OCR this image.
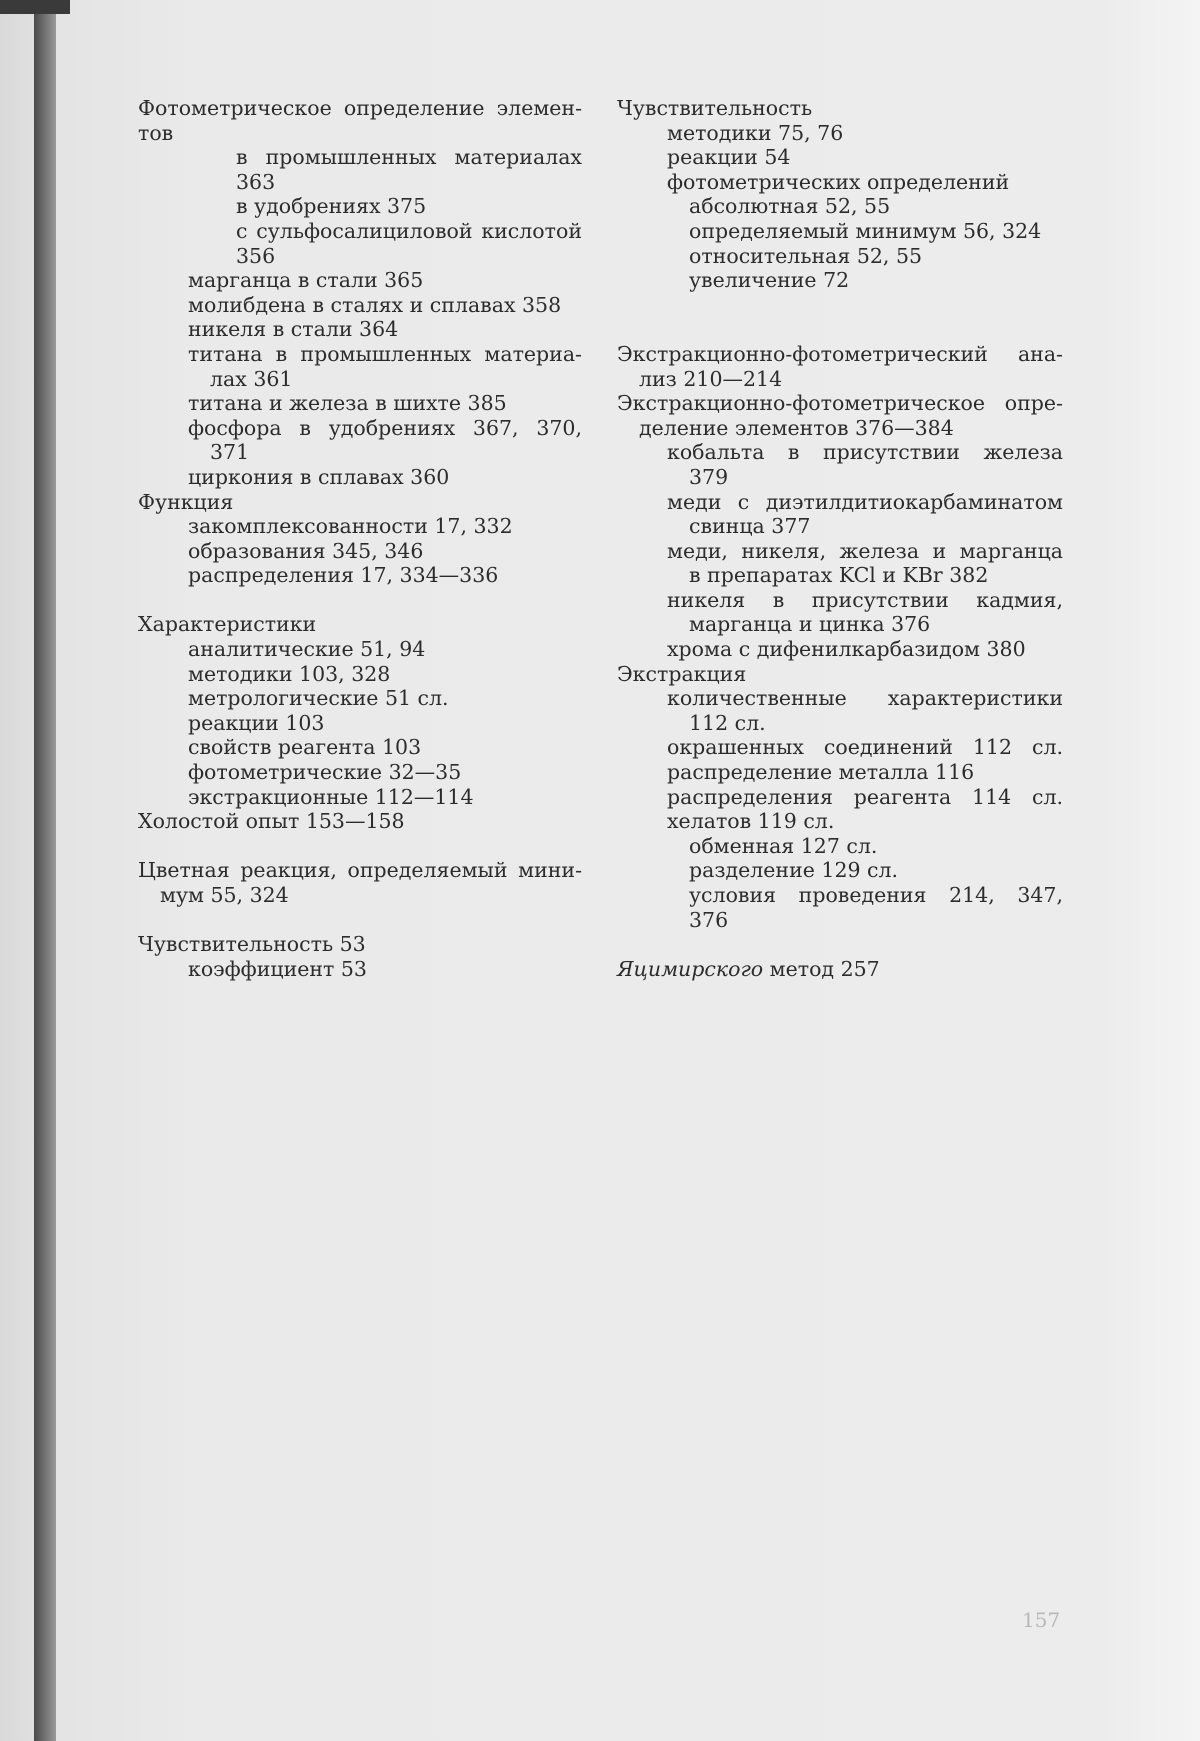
Фотометрическое определение элемен-
тов
в промышленных материалах
363
в удобрениях 375
с сульфосалициловой кислотой
356
марганца в стали 365
молибдена в сталях и сплавах 358
никеля в стали 364
титана в промышленных материа-
лах 361
титана и железа в шихте 385
фосфора в удобрениях 367, 370,
371
циркония в сплавах 360
Функция
закомплексованности 17, 332
образования 345, 346
распределения 17, 334—336
Характеристики
аналитические 51, 94
методики 103, 328
метрологические 51 сл.
реакции 103
свойств реагента 103
фотометрические 32—35
экстракционные 112—114
Холостой опыт 153—158
Цветная реакция, определяемый мини-
мум 55, 324
Чувствительность 53
коэффициент 53
Чувствительность
методики 75, 76
реакции 54
фотометрических определений
абсолютная 52, 55
определяемый минимум 56, 324
относительная 52, 55
увеличение 72
Экстракционно-фотометрический ана-
лиз 210—214
Экстракционно-фотометрическое опре-
деление элементов 376—384
кобальта в присутствии железа
379
меди с диэтилдитиокарбаминатом
свинца 377
меди, никеля, железа и марганца
в препаратах KCl и KBr 382
никеля в присутствии кадмия,
марганца и цинка 376
хрома с дифенилкарбазидом 380
Экстракция
количественные характеристики
112 сл.
окрашенных соединений 112 сл.
распределение металла 116
распределения реагента 114 сл.
хелатов 119 сл.
обменная 127 сл.
разделение 129 сл.
условия проведения 214, 347,
376
Яцимирского метод 257
157
